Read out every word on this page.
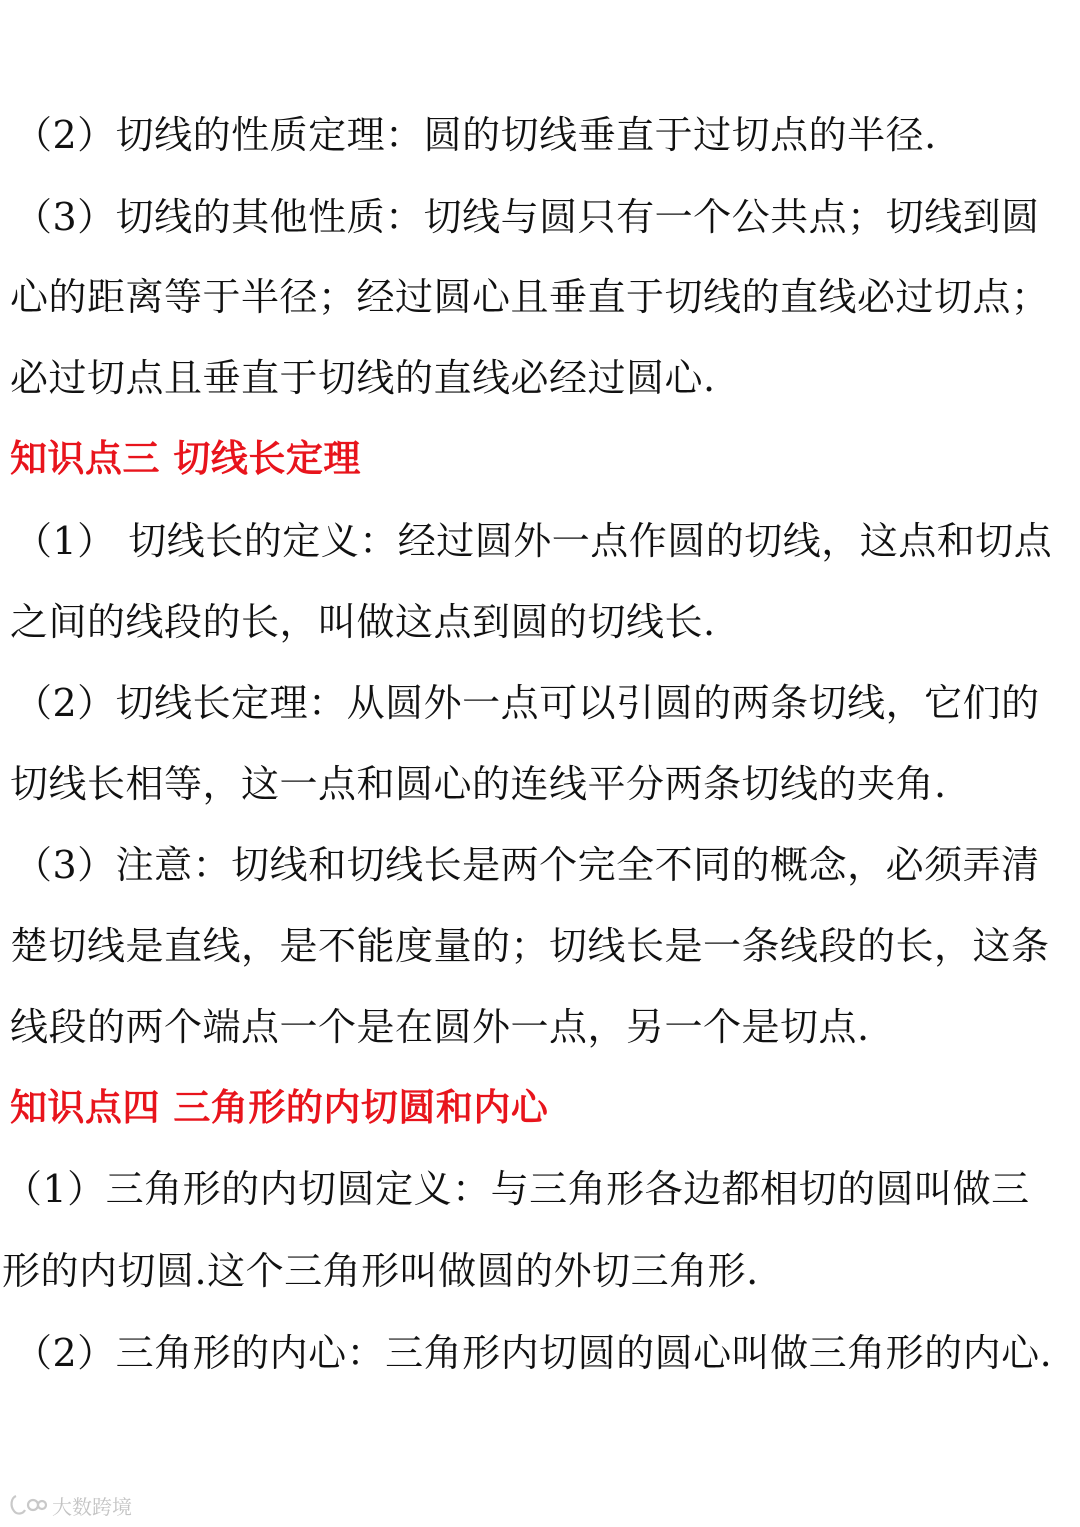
（2）切线的性质定理：圆的切线垂直于过切点的半径.
（3）切线的其他性质：切线与圆只有一个公共点；切线到圆
心的距离等于半径；经过圆心且垂直于切线的直线必过切点；
必过切点且垂直于切线的直线必经过圆心.
知识点三 切线长定理
（1） 切线长的定义：经过圆外一点作圆的切线，这点和切点
之间的线段的长，叫做这点到圆的切线长.
（2）切线长定理：从圆外一点可以引圆的两条切线，它们的
切线长相等，这一点和圆心的连线平分两条切线的夹角.
（3）注意：切线和切线长是两个完全不同的概念，必须弄清
楚切线是直线，是不能度量的；切线长是一条线段的长，这条
线段的两个端点一个是在圆外一点，另一个是切点.
知识点四 三角形的内切圆和内心
（1）三角形的内切圆定义：与三角形各边都相切的圆叫做三
形的内切圆.这个三角形叫做圆的外切三角形.
（2）三角形的内心：三角形内切圆的圆心叫做三角形的内心.
大数跨境
